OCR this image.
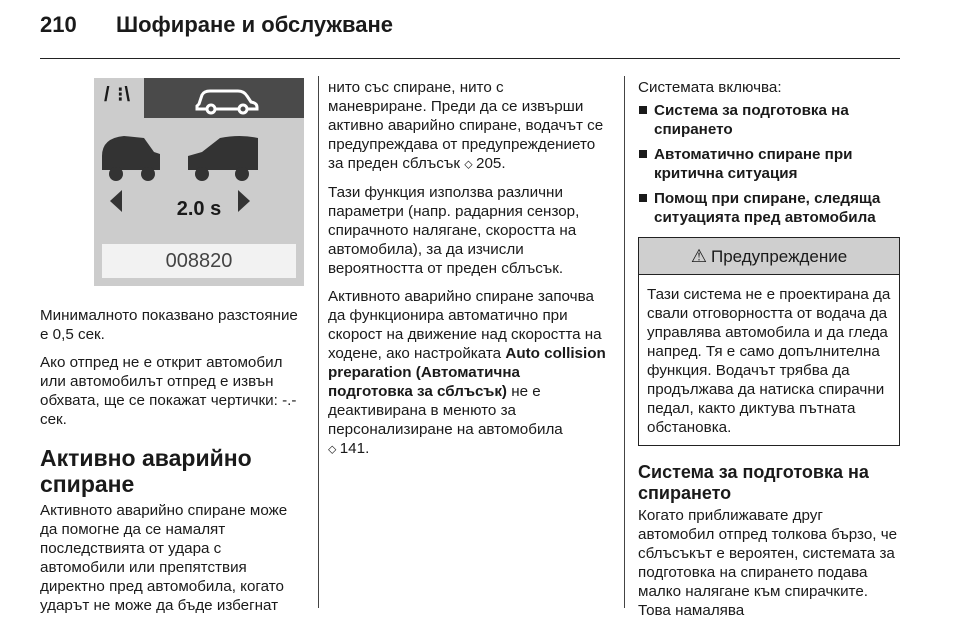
210	Шофиране и обслужване
/ ⁝\
2.0 s
008820

Минималното показвано разстояние е 0,5 сек.

Ако отпред не е открит автомобил или автомобилът отпред е извън обхвата, ще се покажат чертички: -.- сек.

Активно аварийно спиране

Активното аварийно спиране може да помогне да се намалят последствията от удара с автомобили или препятствия директно пред автомобила, когато ударът не може да бъде избегнат

нито със спиране, нито с маневриране. Преди да се извърши активно аварийно спиране, водачът се предупреждава от предупреждението за преден сблъсък ⬦ 205.

Тази функция използва различни параметри (напр. радарния сензор, спирачното налягане, скоростта на автомобила), за да изчисли вероятността от преден сблъсък.

Активното аварийно спиране започва да функционира автоматично при скорост на движение над скоростта на ходене, ако настройката Auto collision preparation (Автоматична подготовка за сблъсък) не е деактивирана в менюто за персонализиране на автомобила ⬦ 141.

Системата включва:

Система за подготовка на спирането
Автоматично спиране при критична ситуация
Помощ при спиране, следяща ситуацията пред автомобила
⚠ Предупреждение
Тази система не е проектирана да свали отговорността от водача да управлява автомобила и да гледа напред. Тя е само допълнителна функция. Водачът трябва да продължава да натиска спирачни педал, както диктува пътната обстановка.
Система за подготовка на спирането

Когато приближавате друг автомобил отпред толкова бързо, че сблъсъкът е вероятен, системата за подготовка на спирането подава малко налягане към спирачките. Това намалява
